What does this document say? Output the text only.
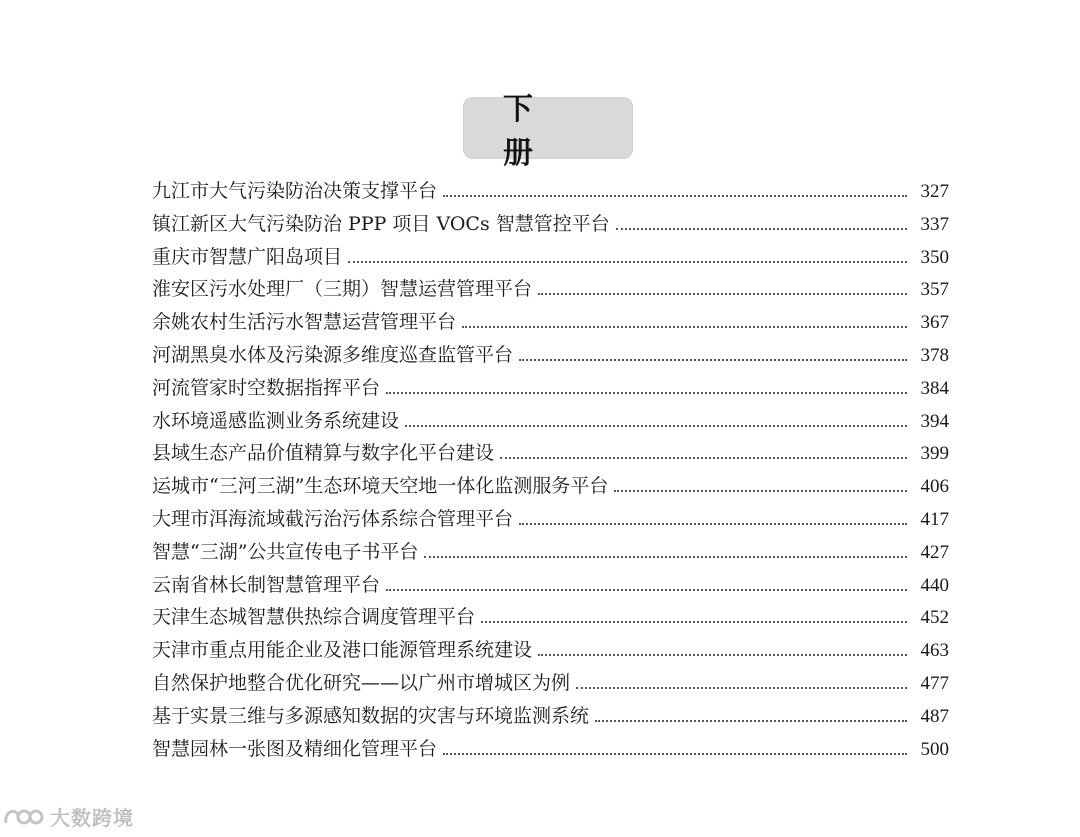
下 册
九江市大气污染防治决策支撑平台	327
镇江新区大气污染防治 PPP 项目 VOCs 智慧管控平台	337
重庆市智慧广阳岛项目	350
淮安区污水处理厂（三期）智慧运营管理平台	357
余姚农村生活污水智慧运营管理平台	367
河湖黑臭水体及污染源多维度巡查监管平台	378
河流管家时空数据指挥平台	384
水环境遥感监测业务系统建设	394
县域生态产品价值精算与数字化平台建设	399
运城市“三河三湖”生态环境天空地一体化监测服务平台	406
大理市洱海流域截污治污体系综合管理平台	417
智慧“三湖”公共宣传电子书平台	427
云南省林长制智慧管理平台	440
天津生态城智慧供热综合调度管理平台	452
天津市重点用能企业及港口能源管理系统建设	463
自然保护地整合优化研究——以广州市增城区为例	477
基于实景三维与多源感知数据的灾害与环境监测系统	487
智慧园林一张图及精细化管理平台	500
大数跨境
